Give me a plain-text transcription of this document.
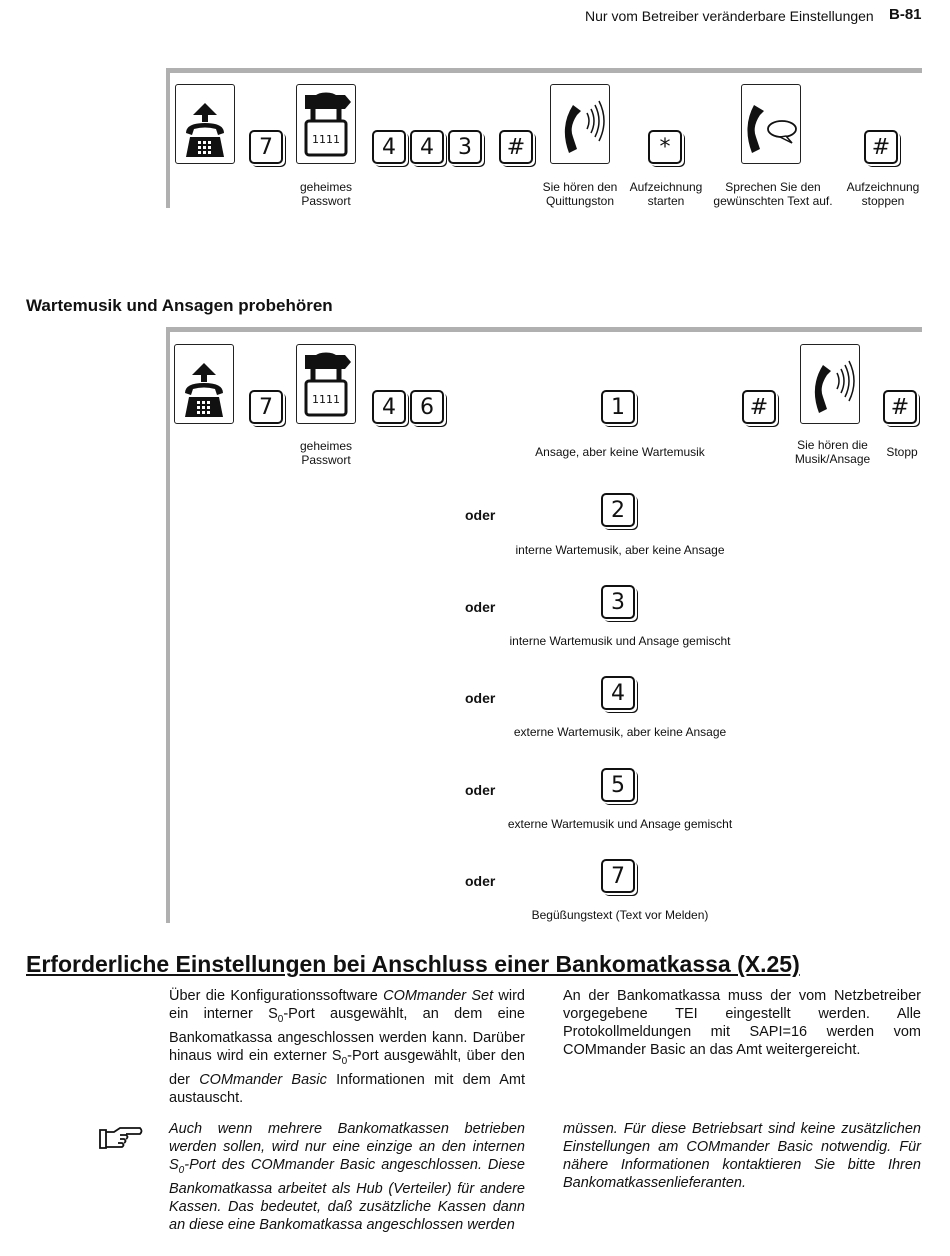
Nur vom Betreiber veränderbare Einstellungen B-81
7	1111
geheimes
Passwort
4	4	3	#
Sie hören den
Quittungston
*
Aufzeichnung
starten
Sprechen Sie den
gewünschten Text auf.
#
Aufzeichnung
stoppen
Wartemusik und Ansagen probehören
7	1111
geheimes
Passwort
4	6	1
Ansage, aber keine Wartemusik
#
Sie hören die
Musik/Ansage
#
Stopp
oder	2
interne Wartemusik, aber keine Ansage
oder	3
interne Wartemusik und Ansage gemischt
oder	4
externe Wartemusik, aber keine Ansage
oder	5
externe Wartemusik und Ansage gemischt
oder	7
Begüßungstext (Text vor Melden)
Erforderliche Einstellungen bei Anschluss einer Bankomatkassa (X.25)
Über die Konfigurationssoftware COMmander Set wird ein interner $S_0$-Port ausgewählt, an dem eine Bankomatkassa angeschlossen werden kann. Darüber hinaus wird ein externer $S_0$-Port ausgewählt, über den der COMmander Basic Informationen mit dem Amt austauscht.
An der Bankomatkassa muss der vom Netzbetreiber vorgegebene TEI eingestellt werden. Alle Protokollmeldungen mit SAPI=16 werden vom COMmander Basic an das Amt weitergereicht.
Auch wenn mehrere Bankomatkassen betrieben werden sollen, wird nur eine einzige an den internen $S_0$-Port des COMmander Basic angeschlossen. Diese Bankomatkassa arbeitet als Hub (Verteiler) für andere Kassen. Das bedeutet, daß zusätzliche Kassen dann an diese eine Bankomatkassa angeschlossen werden
müssen. Für diese Betriebsart sind keine zusätzlichen Einstellungen am COMmander Basic notwendig. Für nähere Informationen kontaktieren Sie bitte Ihren Bankomatkassenlieferanten.
